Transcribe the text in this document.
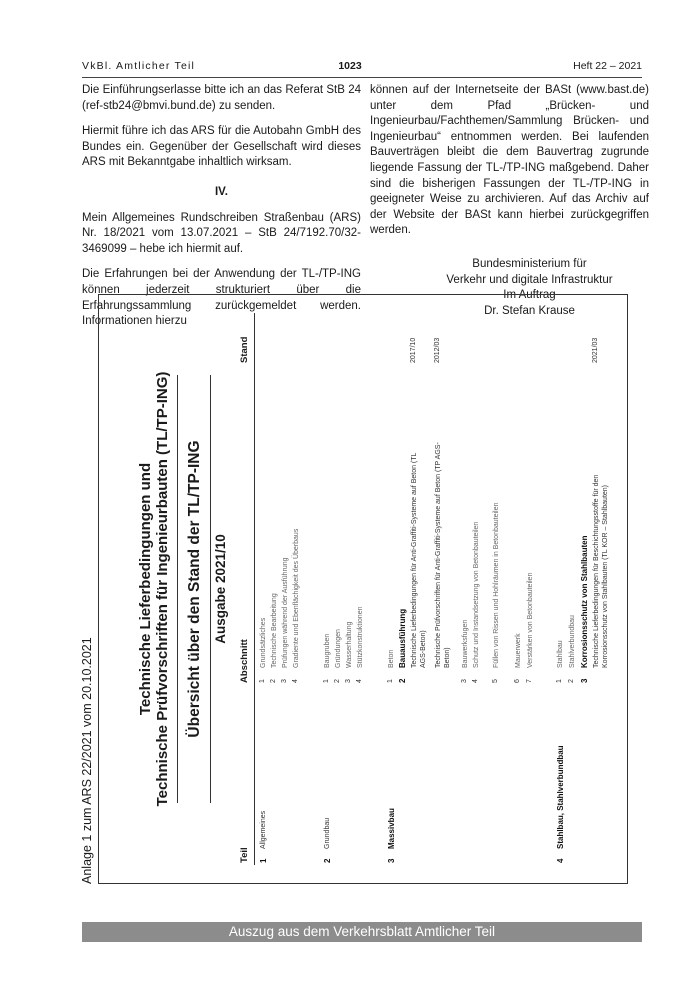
VkBl. Amtlicher Teil	1023	Heft 22 – 2021

Die Einführungserlasse bitte ich an das Referat StB 24 (ref-stb24@bmvi.bund.de) zu senden.

Hiermit führe ich das ARS für die Autobahn GmbH des Bundes ein. Gegenüber der Gesellschaft wird dieses ARS mit Bekanntgabe inhaltlich wirksam.

IV.

Mein Allgemeines Rundschreiben Straßenbau (ARS) Nr. 18/2021 vom 13.07.2021 – StB 24/7192.70/32-3469099 – hebe ich hiermit auf.

Die Erfahrungen bei der Anwendung der TL-/TP-ING können jederzeit strukturiert über die Erfahrungssammlung zurückgemeldet werden. Informationen hierzu

können auf der Internetseite der BASt (www.bast.de) unter dem Pfad „Brücken- und Ingenieurbau/Fachthemen/Sammlung Brücken- und Ingenieurbau“ entnommen werden. Bei laufenden Bauverträgen bleibt die dem Bauvertrag zugrunde liegende Fassung der TL-/TP-ING maßgebend. Daher sind die bisherigen Fassungen der TL-/TP-ING in geeigneter Weise zu archivieren. Auf das Archiv auf der Website der BASt kann hierbei zurückgegriffen werden.

Bundesministerium für
Verkehr und digitale Infrastruktur
Im Auftrag
Dr. Stefan Krause
Anlage 1 zum ARS 22/2021 vom 20.10.2021
Technische Lieferbedingungen und Technische Prüfvorschriften für Ingenieurbauten (TL/TP-ING) Übersicht über den Stand der TL/TP-ING Ausgabe 2021/10
Teil
Abschnitt
Stand
1
Allgemeines
1
Grundsätzliches
2
Technische Bearbeitung
3
Prüfungen während der Ausführung
4
Gradiente und Ebenflächigkeit des Überbaus
2
Grundbau
1
Baugruben
2
Gründungen
3
Wasserhaltung
4
Stützkonstruktionen
3
Massivbau
1
Beton
2
Bauausführung Technische Lieferbedingungen für Anti-Graffiti-Systeme auf Beton (TL AGS-Beton)
2017/10
Technische Prüfvorschriften für Anti-Graffiti-Systeme auf Beton (TP AGS-Beton)
2012/03
3
Bauwerksfugen
4
Schutz und Instandsetzung von Betonbauteilen
5
Füllen von Rissen und Hohlräumen in Betonbauteilen
6
Mauerwerk
7
Verstärken von Betonbauteilen
4
Stahlbau, Stahlverbundbau
1
Stahlbau
2
Stahlverbundbau
3
Korrosionsschutz von Stahlbauten Technische Lieferbedingungen für Beschichtungsstoffe für den Korrosionsschutz von Stahlbauten (TL KOR – Stahlbauten)
2021/03
Auszug aus dem Verkehrsblatt Amtlicher Teil
